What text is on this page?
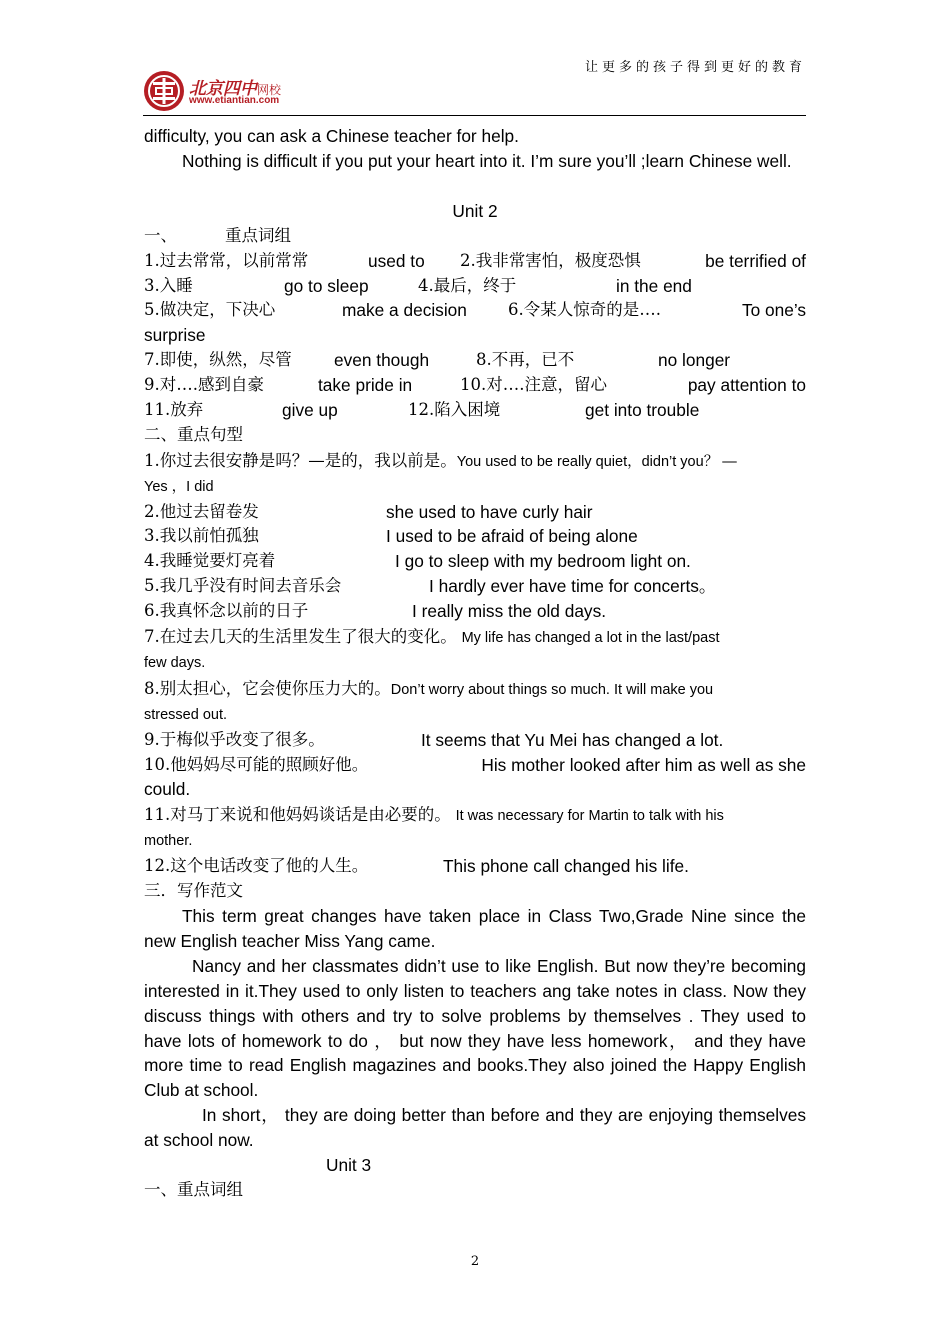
北京四中网校
www.etiantian.com
让更多的孩子得到更好的教育

difficulty, you can ask a Chinese teacher for help.

Nothing is difficult if you put your heart into it. I’m sure you’ll ;learn Chinese well.

Unit 2

一、	重点词组

1.过去常常，以前常常	used to 2.我非常害怕，极度恐惧	be terrified of
3.入睡	go to sleep	4.最后，终于	in the end
5.做决定，下决心	make a decision 6.令某人惊奇的是….	To one’s

surprise

7.即使，纵然，尽管 even though	8.不再，已不	no longer
9.对….感到自豪	take pride in	10.对….注意，留心	pay attention to
11.放弃	give up	12.陷入困境	get into trouble

二、重点句型

1.你过去很安静是吗？—是的，我以前是。You used to be really quiet，didn’t you？ —

Yes ，I did

2.他过去留卷发	she used to have curly hair
3.我以前怕孤独	I used to be afraid of being alone
4.我睡觉要灯亮着	I go to sleep with my bedroom light on.
5.我几乎没有时间去音乐会	I hardly ever have time for concerts。
6.我真怀念以前的日子	I really miss the old days.

7.在过去几天的生活里发生了很大的变化。 My life has changed a lot in the last/past

few days.

8.别太担心，它会使你压力大的。Don’t worry about things so much. It will make you

stressed out.

9.于梅似乎改变了很多。	It seems that Yu Mei has changed a lot.
10.他妈妈尽可能的照顾好他。	His mother looked after him as well as she

could.

11.对马丁来说和他妈妈谈话是由必要的。 It was necessary for Martin to talk with his

mother.

12.这个电话改变了他的人生。	This phone call changed his life.

三．写作范文

This term great changes have taken place in Class Two,Grade Nine since the new English teacher Miss Yang came.

Nancy and her classmates didn’t use to like English. But now they’re becoming interested in it.They used to only listen to teachers ang take notes in class. Now they discuss things with others and try to solve problems by themselves . They used to have lots of homework to do ， but now they have less homework， and they have more time to read English magazines and books.They also joined the Happy English Club at school.

In short， they are doing better than before and they are enjoying themselves at school now.

Unit 3

一、重点词组

2
